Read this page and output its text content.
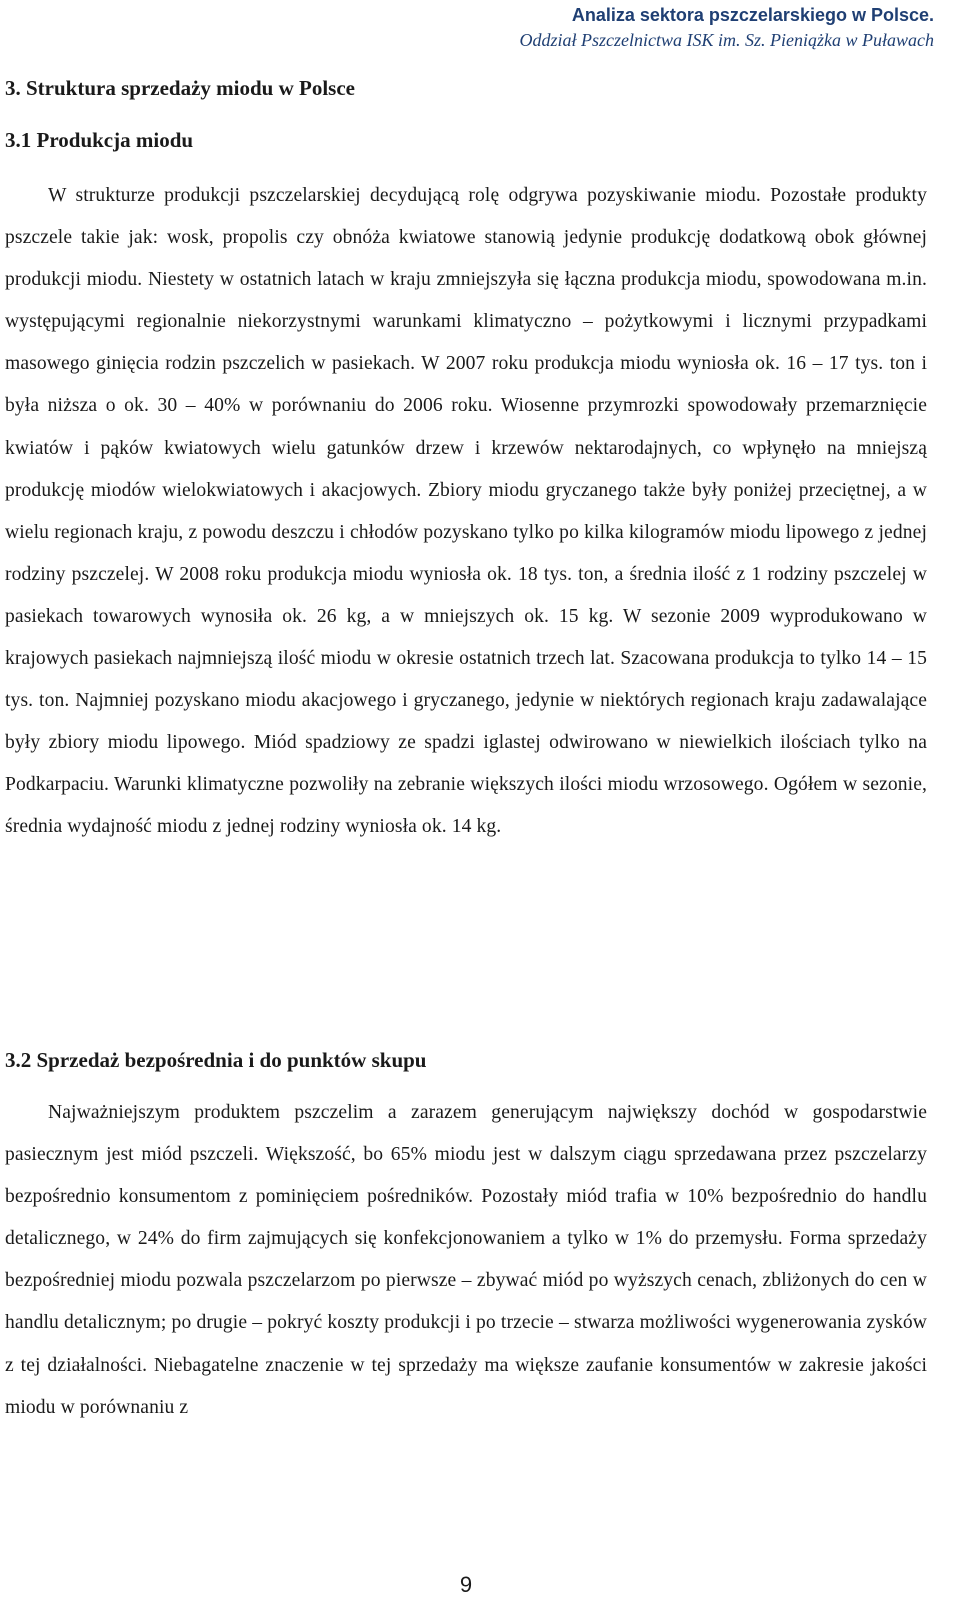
Analiza sektora pszczelarskiego w Polsce.
Oddział Pszczelnictwa ISK im. Sz. Pieniążka w Puławach
3. Struktura sprzedaży miodu w Polsce
3.1 Produkcja miodu

W strukturze produkcji pszczelarskiej decydującą rolę odgrywa pozyskiwanie miodu. Pozostałe produkty pszczele takie jak: wosk, propolis czy obnóża kwiatowe stanowią jedynie produkcję dodatkową obok głównej produkcji miodu. Niestety w ostatnich latach w kraju zmniejszyła się łączna produkcja miodu, spowodowana m.in. występującymi regionalnie niekorzystnymi warunkami klimatyczno – pożytkowymi i licznymi przypadkami masowego ginięcia rodzin pszczelich w pasiekach. W 2007 roku produkcja miodu wyniosła ok. 16 – 17 tys. ton i była niższa o ok. 30 – 40% w porównaniu do 2006 roku. Wiosenne przymrozki spowodowały przemarznięcie kwiatów i pąków kwiatowych wielu gatunków drzew i krzewów nektarodajnych, co wpłynęło na mniejszą produkcję miodów wielokwiatowych i akacjowych. Zbiory miodu gryczanego także były poniżej przeciętnej, a w wielu regionach kraju, z powodu deszczu i chłodów pozyskano tylko po kilka kilogramów miodu lipowego z jednej rodziny pszczelej. W 2008 roku produkcja miodu wyniosła ok. 18 tys. ton, a średnia ilość z 1 rodziny pszczelej w pasiekach towarowych wynosiła ok. 26 kg, a w mniejszych ok. 15 kg. W sezonie 2009 wyprodukowano w krajowych pasiekach najmniejszą ilość miodu w okresie ostatnich trzech lat. Szacowana produkcja to tylko 14 – 15 tys. ton. Najmniej pozyskano miodu akacjowego i gryczanego, jedynie w niektórych regionach kraju zadawalające były zbiory miodu lipowego. Miód spadziowy ze spadzi iglastej odwirowano w niewielkich ilościach tylko na Podkarpaciu. Warunki klimatyczne pozwoliły na zebranie większych ilości miodu wrzosowego. Ogółem w sezonie, średnia wydajność miodu z jednej rodziny wyniosła ok. 14 kg.

3.2 Sprzedaż bezpośrednia i do punktów skupu

Najważniejszym produktem pszczelim a zarazem generującym największy dochód w gospodarstwie pasiecznym jest miód pszczeli. Większość, bo 65% miodu jest w dalszym ciągu sprzedawana przez pszczelarzy bezpośrednio konsumentom z pominięciem pośredników. Pozostały miód trafia w 10% bezpośrednio do handlu detalicznego, w 24% do firm zajmujących się konfekcjonowaniem a tylko w 1% do przemysłu. Forma sprzedaży bezpośredniej miodu pozwala pszczelarzom po pierwsze – zbywać miód po wyższych cenach, zbliżonych do cen w handlu detalicznym; po drugie – pokryć koszty produkcji i po trzecie – stwarza możliwości wygenerowania zysków z tej działalności. Niebagatelne znaczenie w tej sprzedaży ma większe zaufanie konsumentów w zakresie jakości miodu w porównaniu z

9
